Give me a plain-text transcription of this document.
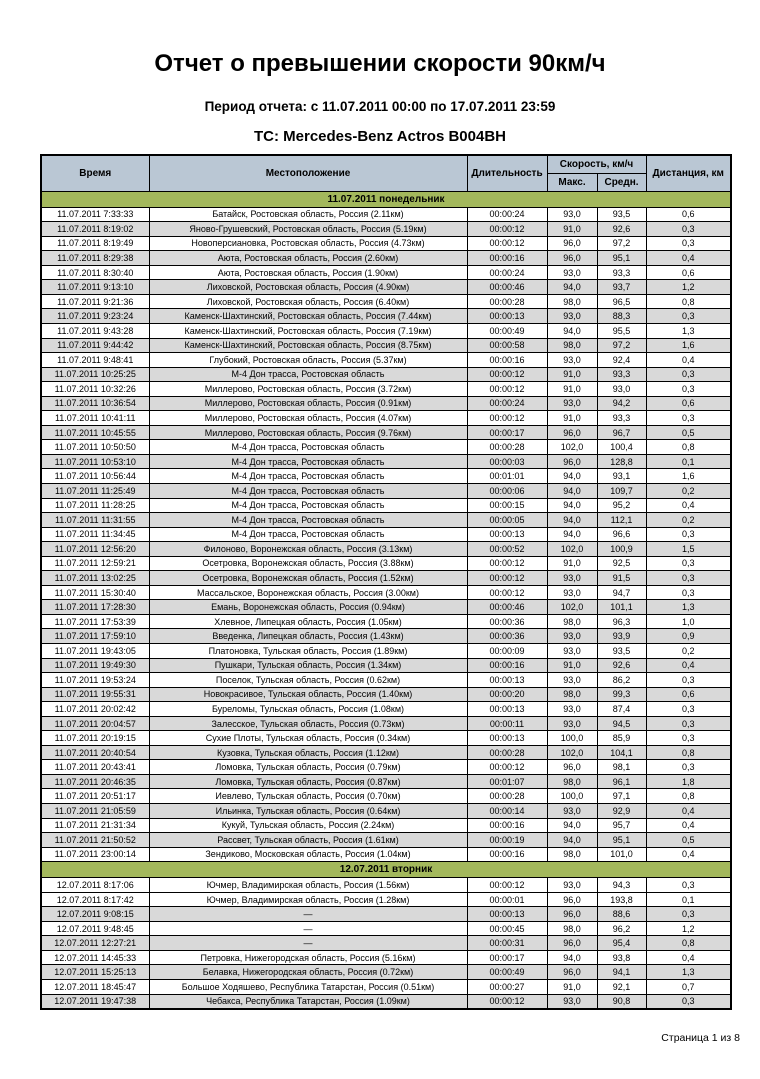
Отчет о превышении скорости 90км/ч
Период отчета: с 11.07.2011 00:00 по 17.07.2011 23:59
ТС: Mercedes-Benz Actros В004ВН
Время	Местоположение	Длительность	Скорость, км/ч		Дистанция, км
			Макс.	Средн.	
11.07.2011 понедельник					
11.07.2011 7:33:33	Батайск, Ростовская область, Россия (2.11км)	00:00:24	93,0	93,5	0,6
11.07.2011 8:19:02	Яново-Грушевский, Ростовская область, Россия (5.19км)	00:00:12	91,0	92,6	0,3
11.07.2011 8:19:49	Новоперсиановка, Ростовская область, Россия (4.73км)	00:00:12	96,0	97,2	0,3
11.07.2011 8:29:38	Аюта, Ростовская область, Россия (2.60км)	00:00:16	96,0	95,1	0,4
11.07.2011 8:30:40	Аюта, Ростовская область, Россия (1.90км)	00:00:24	93,0	93,3	0,6
11.07.2011 9:13:10	Лиховской, Ростовская область, Россия (4.90км)	00:00:46	94,0	93,7	1,2
11.07.2011 9:21:36	Лиховской, Ростовская область, Россия (6.40км)	00:00:28	98,0	96,5	0,8
11.07.2011 9:23:24	Каменск-Шахтинский, Ростовская область, Россия (7.44км)	00:00:13	93,0	88,3	0,3
11.07.2011 9:43:28	Каменск-Шахтинский, Ростовская область, Россия (7.19км)	00:00:49	94,0	95,5	1,3
11.07.2011 9:44:42	Каменск-Шахтинский, Ростовская область, Россия (8.75км)	00:00:58	98,0	97,2	1,6
11.07.2011 9:48:41	Глубокий, Ростовская область, Россия (5.37км)	00:00:16	93,0	92,4	0,4
11.07.2011 10:25:25	М-4 Дон трасса, Ростовская область	00:00:12	91,0	93,3	0,3
11.07.2011 10:32:26	Миллерово, Ростовская область, Россия (3.72км)	00:00:12	91,0	93,0	0,3
11.07.2011 10:36:54	Миллерово, Ростовская область, Россия (0.91км)	00:00:24	93,0	94,2	0,6
11.07.2011 10:41:11	Миллерово, Ростовская область, Россия (4.07км)	00:00:12	91,0	93,3	0,3
11.07.2011 10:45:55	Миллерово, Ростовская область, Россия (9.76км)	00:00:17	96,0	96,7	0,5
11.07.2011 10:50:50	М-4 Дон трасса, Ростовская область	00:00:28	102,0	100,4	0,8
11.07.2011 10:53:10	М-4 Дон трасса, Ростовская область	00:00:03	96,0	128,8	0,1
11.07.2011 10:56:44	М-4 Дон трасса, Ростовская область	00:01:01	94,0	93,1	1,6
11.07.2011 11:25:49	М-4 Дон трасса, Ростовская область	00:00:06	94,0	109,7	0,2
11.07.2011 11:28:25	М-4 Дон трасса, Ростовская область	00:00:15	94,0	95,2	0,4
11.07.2011 11:31:55	М-4 Дон трасса, Ростовская область	00:00:05	94,0	112,1	0,2
11.07.2011 11:34:45	М-4 Дон трасса, Ростовская область	00:00:13	94,0	96,6	0,3
11.07.2011 12:56:20	Филоново, Воронежская область, Россия (3.13км)	00:00:52	102,0	100,9	1,5
11.07.2011 12:59:21	Осетровка, Воронежская область, Россия (3.88км)	00:00:12	91,0	92,5	0,3
11.07.2011 13:02:25	Осетровка, Воронежская область, Россия (1.52км)	00:00:12	93,0	91,5	0,3
11.07.2011 15:30:40	Массальское, Воронежская область, Россия (3.00км)	00:00:12	93,0	94,7	0,3
11.07.2011 17:28:30	Емань, Воронежская область, Россия (0.94км)	00:00:46	102,0	101,1	1,3
11.07.2011 17:53:39	Хлевное, Липецкая область, Россия (1.05км)	00:00:36	98,0	96,3	1,0
11.07.2011 17:59:10	Введенка, Липецкая область, Россия (1.43км)	00:00:36	93,0	93,9	0,9
11.07.2011 19:43:05	Платоновка, Тульская область, Россия (1.89км)	00:00:09	93,0	93,5	0,2
11.07.2011 19:49:30	Пушкари, Тульская область, Россия (1.34км)	00:00:16	91,0	92,6	0,4
11.07.2011 19:53:24	Поселок, Тульская область, Россия (0.62км)	00:00:13	93,0	86,2	0,3
11.07.2011 19:55:31	Новокрасивое, Тульская область, Россия (1.40км)	00:00:20	98,0	99,3	0,6
11.07.2011 20:02:42	Буреломы, Тульская область, Россия (1.08км)	00:00:13	93,0	87,4	0,3
11.07.2011 20:04:57	Залесское, Тульская область, Россия (0.73км)	00:00:11	93,0	94,5	0,3
11.07.2011 20:19:15	Сухие Плоты, Тульская область, Россия (0.34км)	00:00:13	100,0	85,9	0,3
11.07.2011 20:40:54	Кузовка, Тульская область, Россия (1.12км)	00:00:28	102,0	104,1	0,8
11.07.2011 20:43:41	Ломовка, Тульская область, Россия (0.79км)	00:00:12	96,0	98,1	0,3
11.07.2011 20:46:35	Ломовка, Тульская область, Россия (0.87км)	00:01:07	98,0	96,1	1,8
11.07.2011 20:51:17	Иевлево, Тульская область, Россия (0.70км)	00:00:28	100,0	97,1	0,8
11.07.2011 21:05:59	Ильинка, Тульская область, Россия (0.64км)	00:00:14	93,0	92,9	0,4
11.07.2011 21:31:34	Кукуй, Тульская область, Россия (2.24км)	00:00:16	94,0	95,7	0,4
11.07.2011 21:50:52	Рассвет, Тульская область, Россия (1.61км)	00:00:19	94,0	95,1	0,5
11.07.2011 23:00:14	Зендиково, Московская область, Россия (1.04км)	00:00:16	98,0	101,0	0,4
12.07.2011 вторник					
12.07.2011 8:17:06	Ючмер, Владимирская область, Россия (1.56км)	00:00:12	93,0	94,3	0,3
12.07.2011 8:17:42	Ючмер, Владимирская область, Россия (1.28км)	00:00:01	96,0	193,8	0,1
12.07.2011 9:08:15	—	00:00:13	96,0	88,6	0,3
12.07.2011 9:48:45	—	00:00:45	98,0	96,2	1,2
12.07.2011 12:27:21	—	00:00:31	96,0	95,4	0,8
12.07.2011 14:45:33	Петровка, Нижегородская область, Россия (5.16км)	00:00:17	94,0	93,8	0,4
12.07.2011 15:25:13	Белавка, Нижегородская область, Россия (0.72км)	00:00:49	96,0	94,1	1,3
12.07.2011 18:45:47	Большое Ходяшево, Республика Татарстан, Россия (0.51км)	00:00:27	91,0	92,1	0,7
12.07.2011 19:47:38	Чебакса, Республика Татарстан, Россия (1.09км)	00:00:12	93,0	90,8	0,3
Страница 1 из 8
